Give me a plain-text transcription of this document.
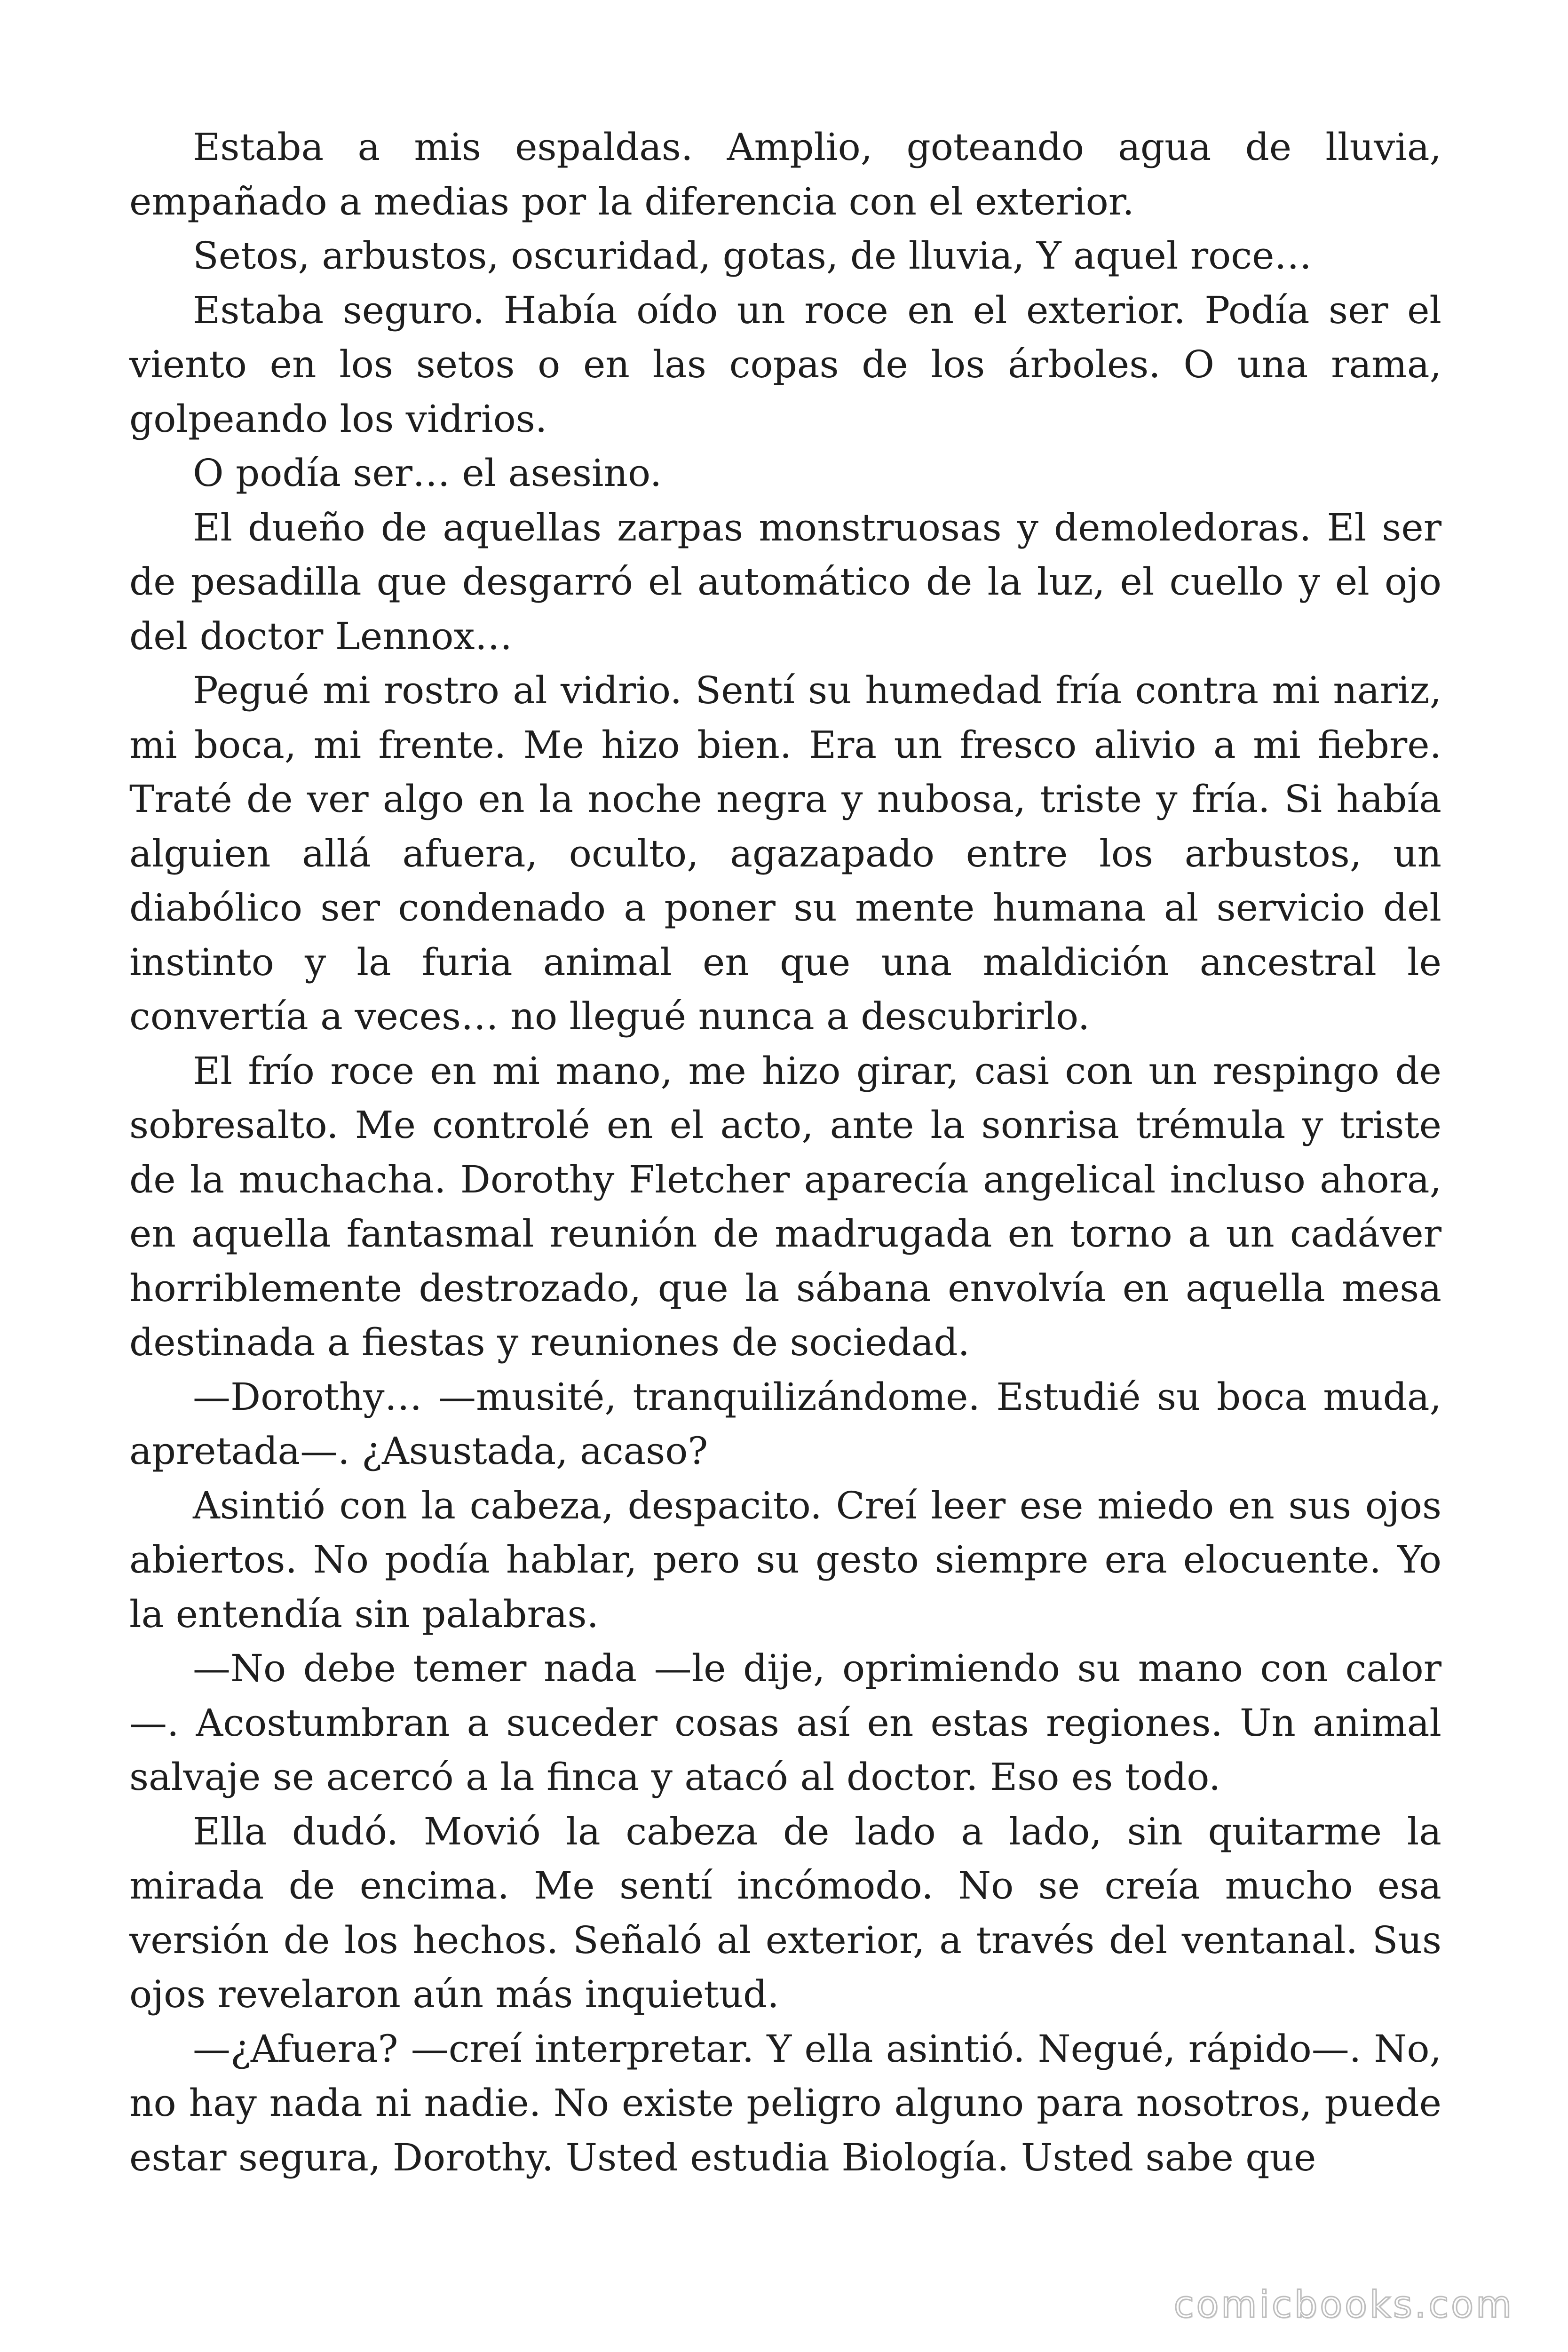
Estaba a mis espaldas. Amplio, goteando agua de lluvia, empañado a medias por la diferencia con el exterior.

Setos, arbustos, oscuridad, gotas, de lluvia, Y aquel roce…

Estaba seguro. Había oído un roce en el exterior. Podía ser el viento en los setos o en las copas de los árboles. O una rama, golpeando los vidrios.

O podía ser… el asesino.

El dueño de aquellas zarpas monstruosas y demoledoras. El ser de pesadilla que desgarró el automático de la luz, el cuello y el ojo del doctor Lennox…

Pegué mi rostro al vidrio. Sentí su humedad fría contra mi nariz, mi boca, mi frente. Me hizo bien. Era un fresco alivio a mi fiebre. Traté de ver algo en la noche negra y nubosa, triste y fría. Si había alguien allá afuera, oculto, agazapado entre los arbustos, un diabólico ser condenado a poner su mente humana al servicio del instinto y la furia animal en que una maldición ancestral le convertía a veces… no llegué nunca a descubrirlo.

El frío roce en mi mano, me hizo girar, casi con un respingo de sobresalto. Me controlé en el acto, ante la sonrisa trémula y triste de la muchacha. Dorothy Fletcher aparecía angelical incluso ahora, en aquella fantasmal reunión de madrugada en torno a un cadáver horriblemente destrozado, que la sábana envolvía en aquella mesa destinada a fiestas y reuniones de sociedad.

—Dorothy… —musité, tranquilizándome. Estudié su boca muda, apretada—. ¿Asustada, acaso?

Asintió con la cabeza, despacito. Creí leer ese miedo en sus ojos abiertos. No podía hablar, pero su gesto siempre era elocuente. Yo la entendía sin palabras.

—No debe temer nada —le dije, oprimiendo su mano con calor —. Acostumbran a suceder cosas así en estas regiones. Un animal salvaje se acercó a la finca y atacó al doctor. Eso es todo.

Ella dudó. Movió la cabeza de lado a lado, sin quitarme la mirada de encima. Me sentí incómodo. No se creía mucho esa versión de los hechos. Señaló al exterior, a través del ventanal. Sus ojos revelaron aún más inquietud.

—¿Afuera? —creí interpretar. Y ella asintió. Negué, rápido—. No, no hay nada ni nadie. No existe peligro alguno para nosotros, puede estar segura, Dorothy. Usted estudia Biología. Usted sabe que

comicbooks.com
